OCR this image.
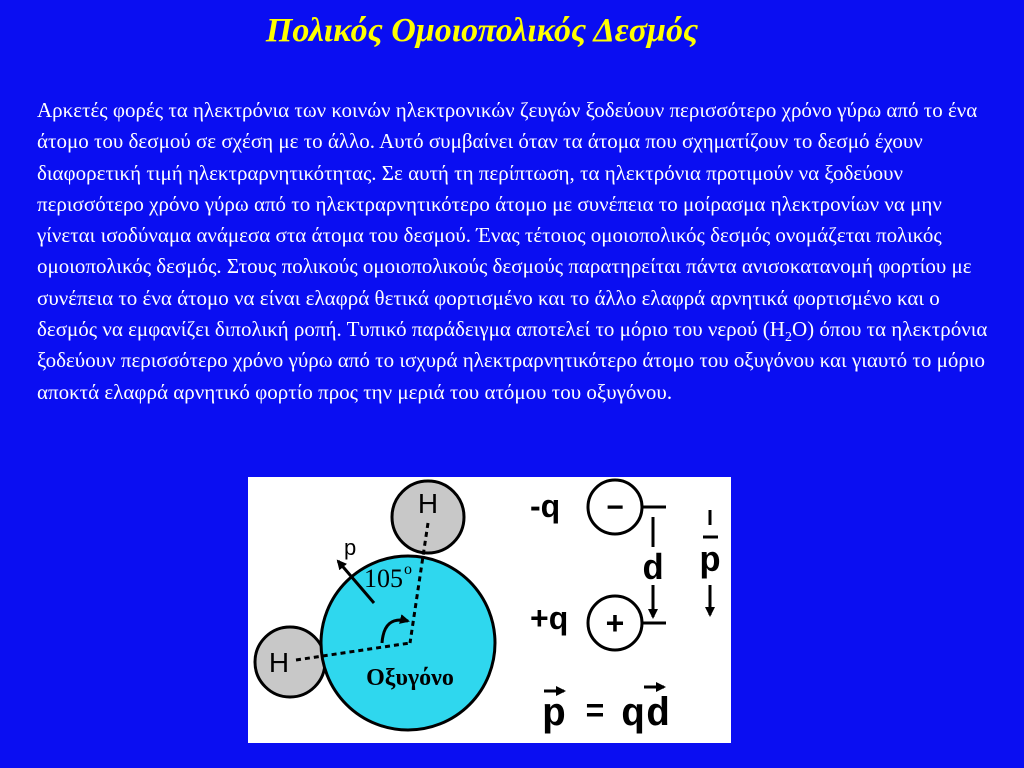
Πολικός Ομοιοπολικός Δεσμός
Αρκετές φορές τα ηλεκτρόνια των κοινών ηλεκτρονικών ζευγών ξοδεύουν περισσότερο χρόνο γύρω από το ένα άτομο του δεσμού σε σχέση με το άλλο. Αυτό συμβαίνει όταν τα άτομα που σχηματίζουν το δεσμό έχουν διαφορετική τιμή ηλεκτραρνητικότητας. Σε αυτή τη περίπτωση, τα ηλεκτρόνια προτιμούν να ξοδεύουν περισσότερο χρόνο γύρω από το ηλεκτραρνητικότερο άτομο με συνέπεια το μοίρασμα ηλεκτρονίων να μην γίνεται ισοδύναμα ανάμεσα στα άτομα του δεσμού. Ένας τέτοιος ομοιοπολικός δεσμός ονομάζεται πολικός ομοιοπολικός δεσμός. Στους πολικούς ομοιοπολικούς δεσμούς παρατηρείται πάντα ανισοκατανομή φορτίου με συνέπεια το ένα άτομο να είναι ελαφρά θετικά φορτισμένο και το άλλο ελαφρά αρνητικά φορτισμένο και ο δεσμός να εμφανίζει διπολική ροπή. Τυπικό παράδειγμα αποτελεί το μόριο του νερού $(H_2O)$ όπου τα ηλεκτρόνια ξοδεύουν περισσότερο χρόνο γύρω από το ισχυρά ηλεκτραρνητικότερο άτομο του οξυγόνου και γιαυτό το μόριο αποκτά ελαφρά αρνητικό φορτίο προς την μεριά του ατόμου του οξυγόνου.
H
H	Οξυγόνο
105 o
p
-q −
+q +
d p
p = q d
